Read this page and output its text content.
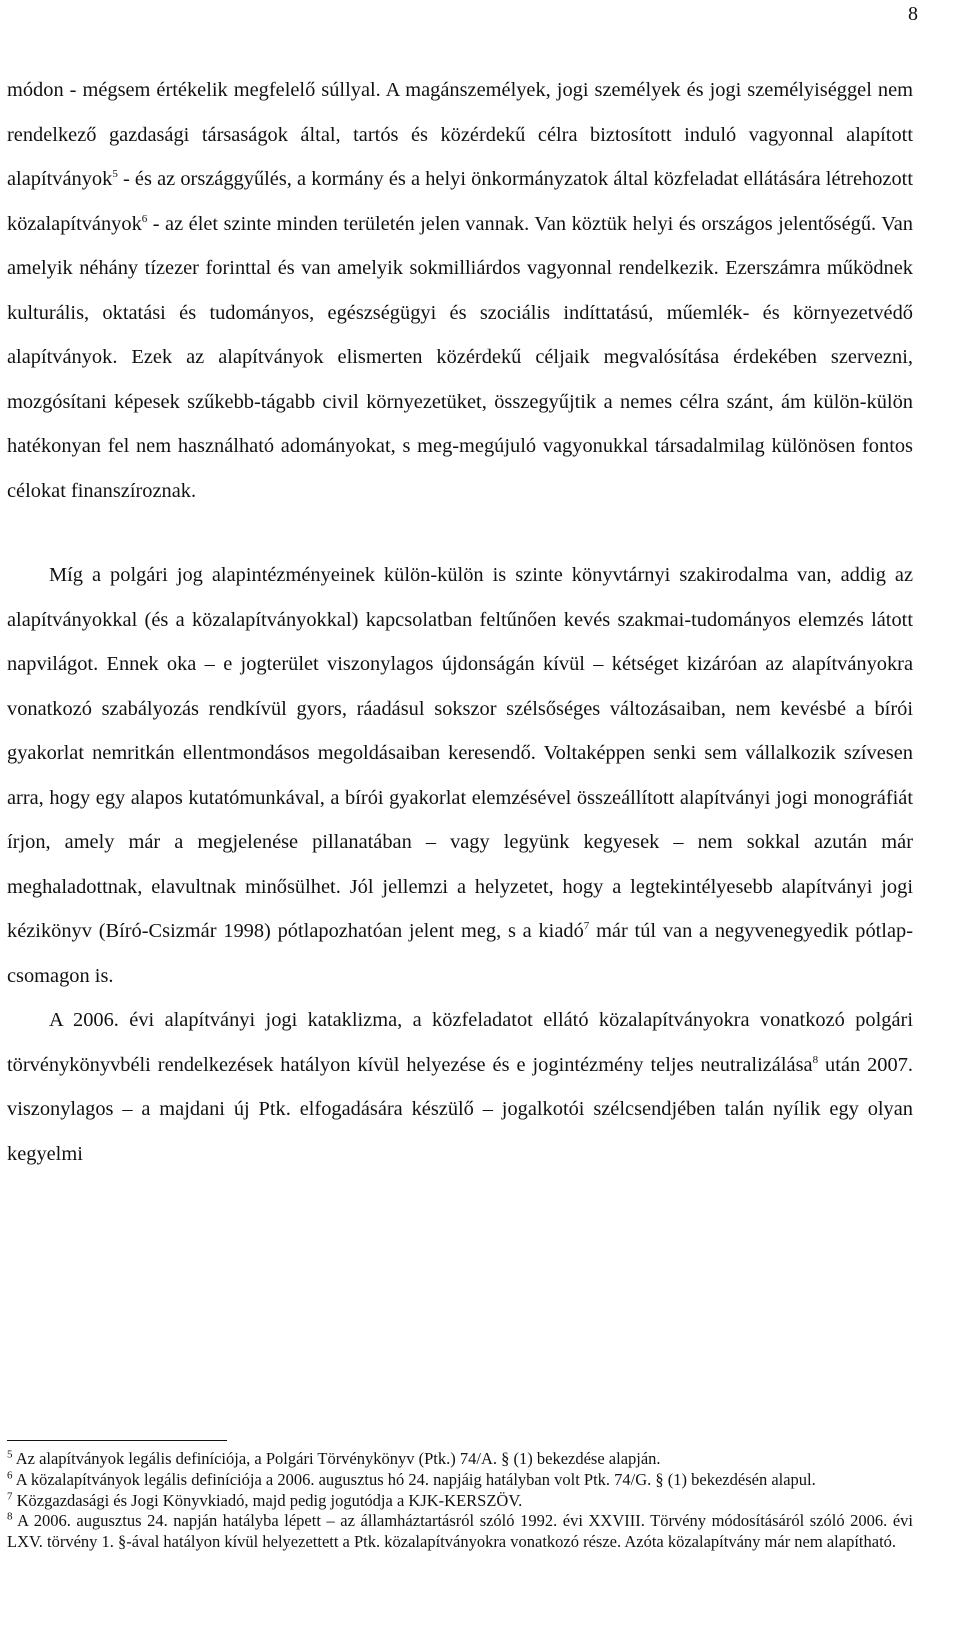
8

módon - mégsem értékelik megfelelő súllyal. A magánszemélyek, jogi személyek és jogi személyiséggel nem rendelkező gazdasági társaságok által, tartós és közérdekű célra biztosított induló vagyonnal alapított alapítványok$^5$ - és az országgyűlés, a kormány és a helyi önkormányzatok által közfeladat ellátására létrehozott közalapítványok$^6$ - az élet szinte minden területén jelen vannak. Van köztük helyi és országos jelentőségű. Van amelyik néhány tízezer forinttal és van amelyik sokmilliárdos vagyonnal rendelkezik. Ezerszámra működnek kulturális, oktatási és tudományos, egészségügyi és szociális indíttatású, műemlék- és környezetvédő alapítványok. Ezek az alapítványok elismerten közérdekű céljaik megvalósítása érdekében szervezni, mozgósítani képesek szűkebb-tágabb civil környezetüket, összegyűjtik a nemes célra szánt, ám külön-külön hatékonyan fel nem használható adományokat, s meg-megújuló vagyonukkal társadalmilag különösen fontos célokat finanszíroznak.

Míg a polgári jog alapintézményeinek külön-külön is szinte könyvtárnyi szakirodalma van, addig az alapítványokkal (és a közalapítványokkal) kapcsolatban feltűnően kevés szakmai-tudományos elemzés látott napvilágot. Ennek oka – e jogterület viszonylagos újdonságán kívül – kétséget kizáróan az alapítványokra vonatkozó szabályozás rendkívül gyors, ráadásul sokszor szélsőséges változásaiban, nem kevésbé a bírói gyakorlat nemritkán ellentmondásos megoldásaiban keresendő. Voltaképpen senki sem vállalkozik szívesen arra, hogy egy alapos kutatómunkával, a bírói gyakorlat elemzésével összeállított alapítványi jogi monográfiát írjon, amely már a megjelenése pillanatában – vagy legyünk kegyesek – nem sokkal azután már meghaladottnak, elavultnak minősülhet. Jól jellemzi a helyzetet, hogy a legtekintélyesebb alapítványi jogi kézikönyv (Bíró-Csizmár 1998) pótlapozhatóan jelent meg, s a kiadó$^7$ már túl van a negyvenegyedik pótlap-csomagon is.

A 2006. évi alapítványi jogi kataklizma, a közfeladatot ellátó közalapítványokra vonatkozó polgári törvénykönyvbéli rendelkezések hatályon kívül helyezése és e jogintézmény teljes neutralizálása$^8$ után 2007. viszonylagos – a majdani új Ptk. elfogadására készülő – jogalkotói szélcsendjében talán nyílik egy olyan kegyelmi

$^5$ Az alapítványok legális definíciója, a Polgári Törvénykönyv (Ptk.) 74/A. § (1) bekezdése alapján.

$^6$ A közalapítványok legális definíciója a 2006. augusztus hó 24. napjáig hatályban volt Ptk. 74/G. § (1) bekezdésén alapul.

$^7$ Közgazdasági és Jogi Könyvkiadó, majd pedig jogutódja a KJK-KERSZÖV.

$^8$ A 2006. augusztus 24. napján hatályba lépett – az államháztartásról szóló 1992. évi XXVIII. Törvény módosításáról szóló 2006. évi LXV. törvény 1. §-ával hatályon kívül helyezettett a Ptk. közalapítványokra vonatkozó része. Azóta közalapítvány már nem alapítható.
